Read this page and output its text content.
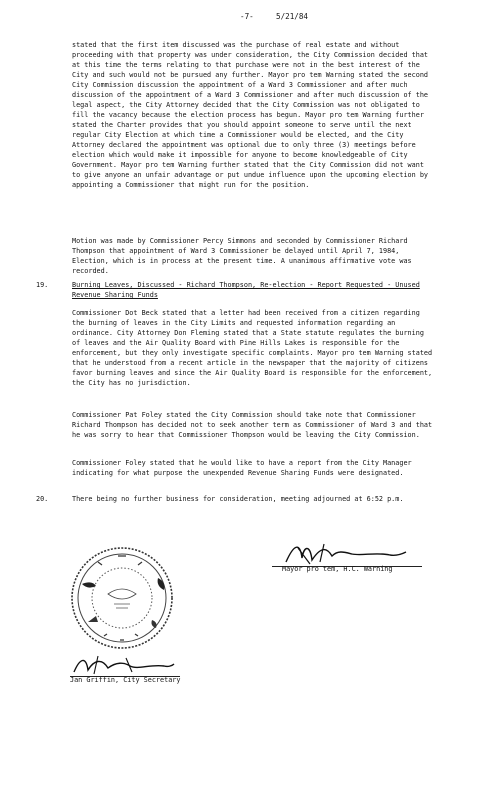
-7-	5/21/84

stated that the first item discussed was the purchase of real estate and without proceeding with that property was under consideration, the City Commission decided that at this time the terms relating to that purchase were not in the best interest of the City and such would not be pursued any further. Mayor pro tem Warning stated the second City Commission discussion the appointment of a Ward 3 Commissioner and after much discussion of the appointment of a Ward 3 Commissioner and after much discussion of the legal aspect, the City Attorney decided that the City Commission was not obligated to fill the vacancy because the election process has begun. Mayor pro tem Warning further stated the Charter provides that you should appoint someone to serve until the next regular City Election at which time a Commissioner would be elected, and the City Attorney declared the appointment was optional due to only three (3) meetings before election which would make it impossible for anyone to become knowledgeable of City Government. Mayor pro tem Warning further stated that the City Commission did not want to give anyone an unfair advantage or put undue influence upon the upcoming election by appointing a Commissioner that might run for the position.

Motion was made by Commissioner Percy Simmons and seconded by Commissioner Richard Thompson that appointment of Ward 3 Commissioner be delayed until April 7, 1984, Election, which is in process at the present time. A unanimous affirmative vote was recorded.

19.	Burning Leaves, Discussed - Richard Thompson, Re-election - Report Requested - Unused Revenue Sharing Funds

Commissioner Dot Beck stated that a letter had been received from a citizen regarding the burning of leaves in the City Limits and requested information regarding an ordinance. City Attorney Don Fleming stated that a State statute regulates the burning of leaves and the Air Quality Board with Pine Hills Lakes is responsible for the enforcement, but they only investigate specific complaints. Mayor pro tem Warning stated that he understood from a recent article in the newspaper that the majority of citizens favor burning leaves and since the Air Quality Board is responsible for the enforcement, the City has no jurisdiction.

Commissioner Pat Foley stated the City Commission should take note that Commissioner Richard Thompson has decided not to seek another term as Commissioner of Ward 3 and that he was sorry to hear that Commissioner Thompson would be leaving the City Commission.

Commissioner Foley stated that he would like to have a report from the City Manager indicating for what purpose the unexpended Revenue Sharing Funds were designated.

20.	There being no further business for consideration, meeting adjourned at 6:52 p.m.

Mayor pro tem, H.C. Warning
Jan Griffin, City Secretary
